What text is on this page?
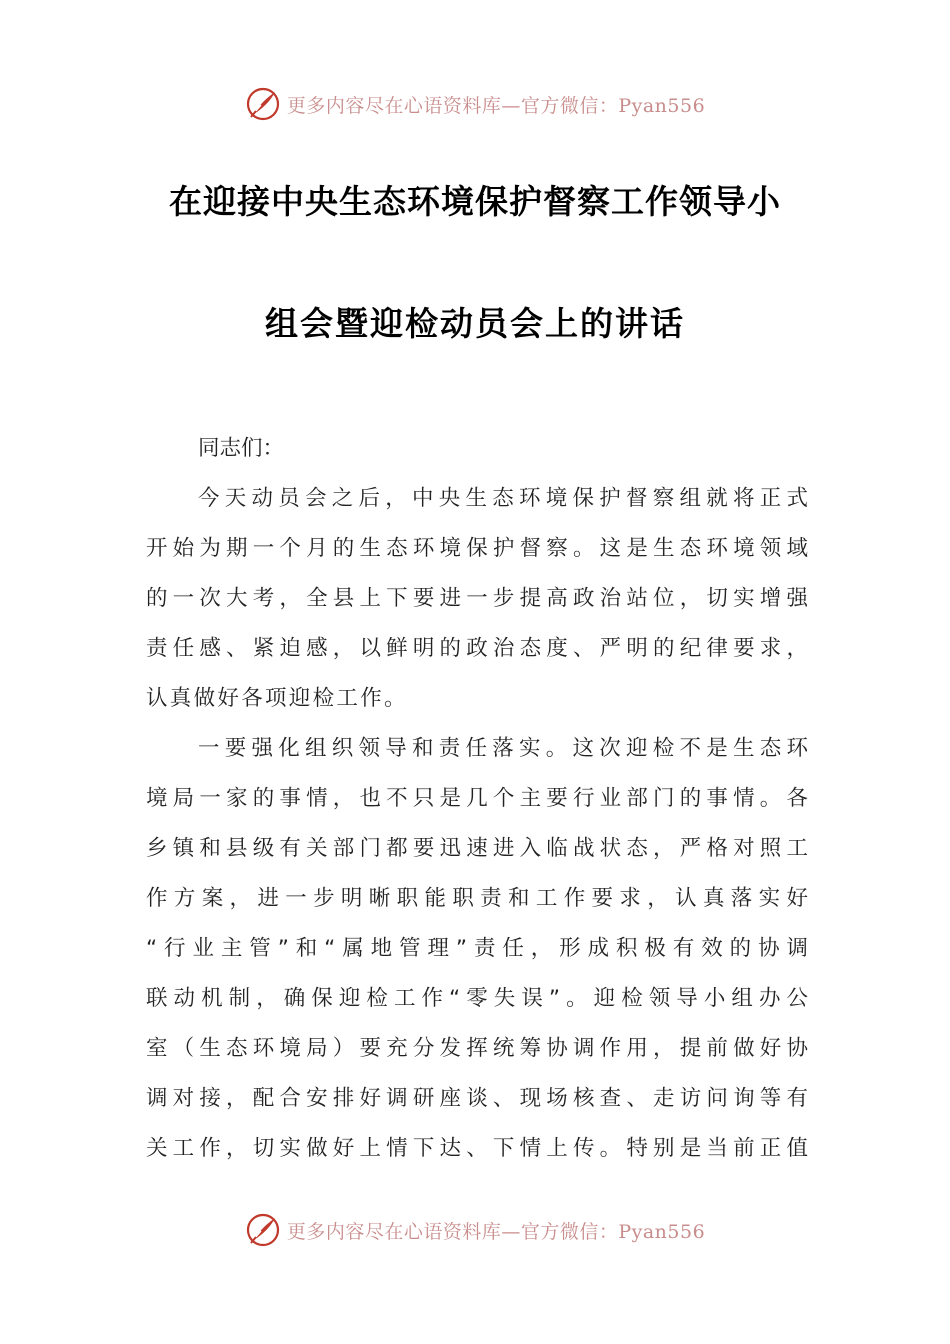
更多内容尽在心语资料库—官方微信：Pyan556
在迎接中央生态环境保护督察工作领导小
组会暨迎检动员会上的讲话
同志们：
今天动员会之后，中央生态环境保护督察组就将正式
开始为期一个月的生态环境保护督察。这是生态环境领域
的一次大考，全县上下要进一步提高政治站位，切实增强
责任感、紧迫感，以鲜明的政治态度、严明的纪律要求，
认真做好各项迎检工作。
一要强化组织领导和责任落实。这次迎检不是生态环
境局一家的事情，也不只是几个主要行业部门的事情。各
乡镇和县级有关部门都要迅速进入临战状态，严格对照工
作方案，进一步明晰职能职责和工作要求，认真落实好
“行业主管”和“属地管理”责任，形成积极有效的协调
联动机制，确保迎检工作“零失误”。迎检领导小组办公
室（生态环境局）要充分发挥统筹协调作用，提前做好协
调对接，配合安排好调研座谈、现场核查、走访问询等有
关工作，切实做好上情下达、下情上传。特别是当前正值
更多内容尽在心语资料库—官方微信：Pyan556
